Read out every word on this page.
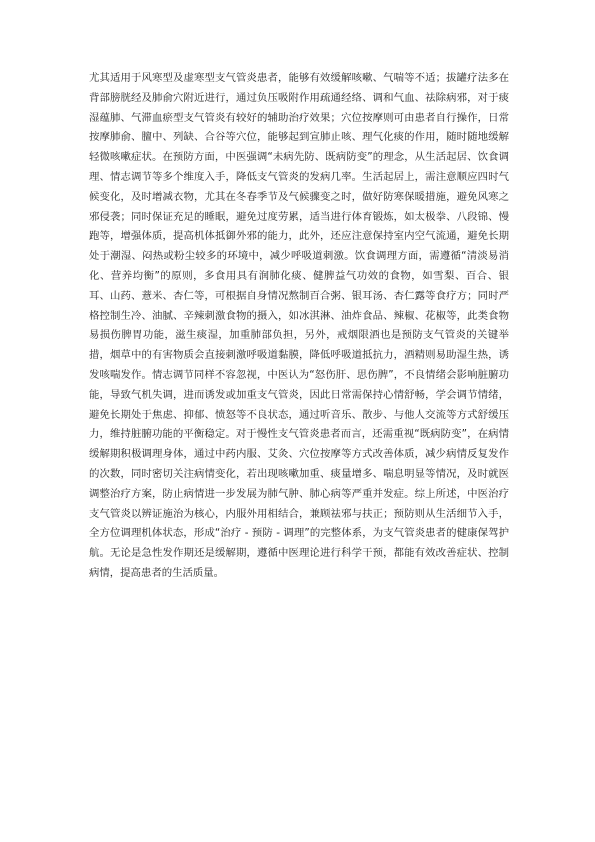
尤其适用于风寒型及虚寒型支气管炎患者，能够有效缓解咳嗽、气喘等不适；拔罐疗法多在背部膀胱经及肺俞穴附近进行，通过负压吸附作用疏通经络、调和气血、祛除病邪，对于痰湿蕴肺、气滞血瘀型支气管炎有较好的辅助治疗效果；穴位按摩则可由患者自行操作，日常按摩肺俞、膻中、列缺、合谷等穴位，能够起到宣肺止咳、理气化痰的作用，随时随地缓解轻微咳嗽症状。在预防方面，中医强调“未病先防、既病防变”的理念，从生活起居、饮食调理、情志调节等多个维度入手，降低支气管炎的发病几率。生活起居上，需注意顺应四时气候变化，及时增减衣物，尤其在冬春季节及气候骤变之时，做好防寒保暖措施，避免风寒之邪侵袭；同时保证充足的睡眠，避免过度劳累，适当进行体育锻炼，如太极拳、八段锦、慢跑等，增强体质，提高机体抵御外邪的能力，此外，还应注意保持室内空气流通，避免长期处于潮湿、闷热或粉尘较多的环境中，减少呼吸道刺激。饮食调理方面，需遵循“清淡易消化、营养均衡”的原则，多食用具有润肺化痰、健脾益气功效的食物，如雪梨、百合、银耳、山药、薏米、杏仁等，可根据自身情况熬制百合粥、银耳汤、杏仁露等食疗方；同时严格控制生冷、油腻、辛辣刺激食物的摄入，如冰淇淋、油炸食品、辣椒、花椒等，此类食物易损伤脾胃功能，滋生痰湿，加重肺部负担，另外，戒烟限酒也是预防支气管炎的关键举措，烟草中的有害物质会直接刺激呼吸道黏膜，降低呼吸道抵抗力，酒精则易助湿生热，诱发咳喘发作。情志调节同样不容忽视，中医认为“怒伤肝、思伤脾”，不良情绪会影响脏腑功能，导致气机失调，进而诱发或加重支气管炎，因此日常需保持心情舒畅，学会调节情绪，避免长期处于焦虑、抑郁、愤怒等不良状态，通过听音乐、散步、与他人交流等方式舒缓压力，维持脏腑功能的平衡稳定。对于慢性支气管炎患者而言，还需重视“既病防变”，在病情缓解期积极调理身体，通过中药内服、艾灸、穴位按摩等方式改善体质，减少病情反复发作的次数，同时密切关注病情变化，若出现咳嗽加重、痰量增多、喘息明显等情况，及时就医调整治疗方案，防止病情进一步发展为肺气肿、肺心病等严重并发症。综上所述，中医治疗支气管炎以辨证施治为核心，内服外用相结合，兼顾祛邪与扶正；预防则从生活细节入手，全方位调理机体状态，形成“治疗 - 预防 - 调理”的完整体系，为支气管炎患者的健康保驾护航。无论是急性发作期还是缓解期，遵循中医理论进行科学干预，都能有效改善症状、控制病情，提高患者的生活质量。
